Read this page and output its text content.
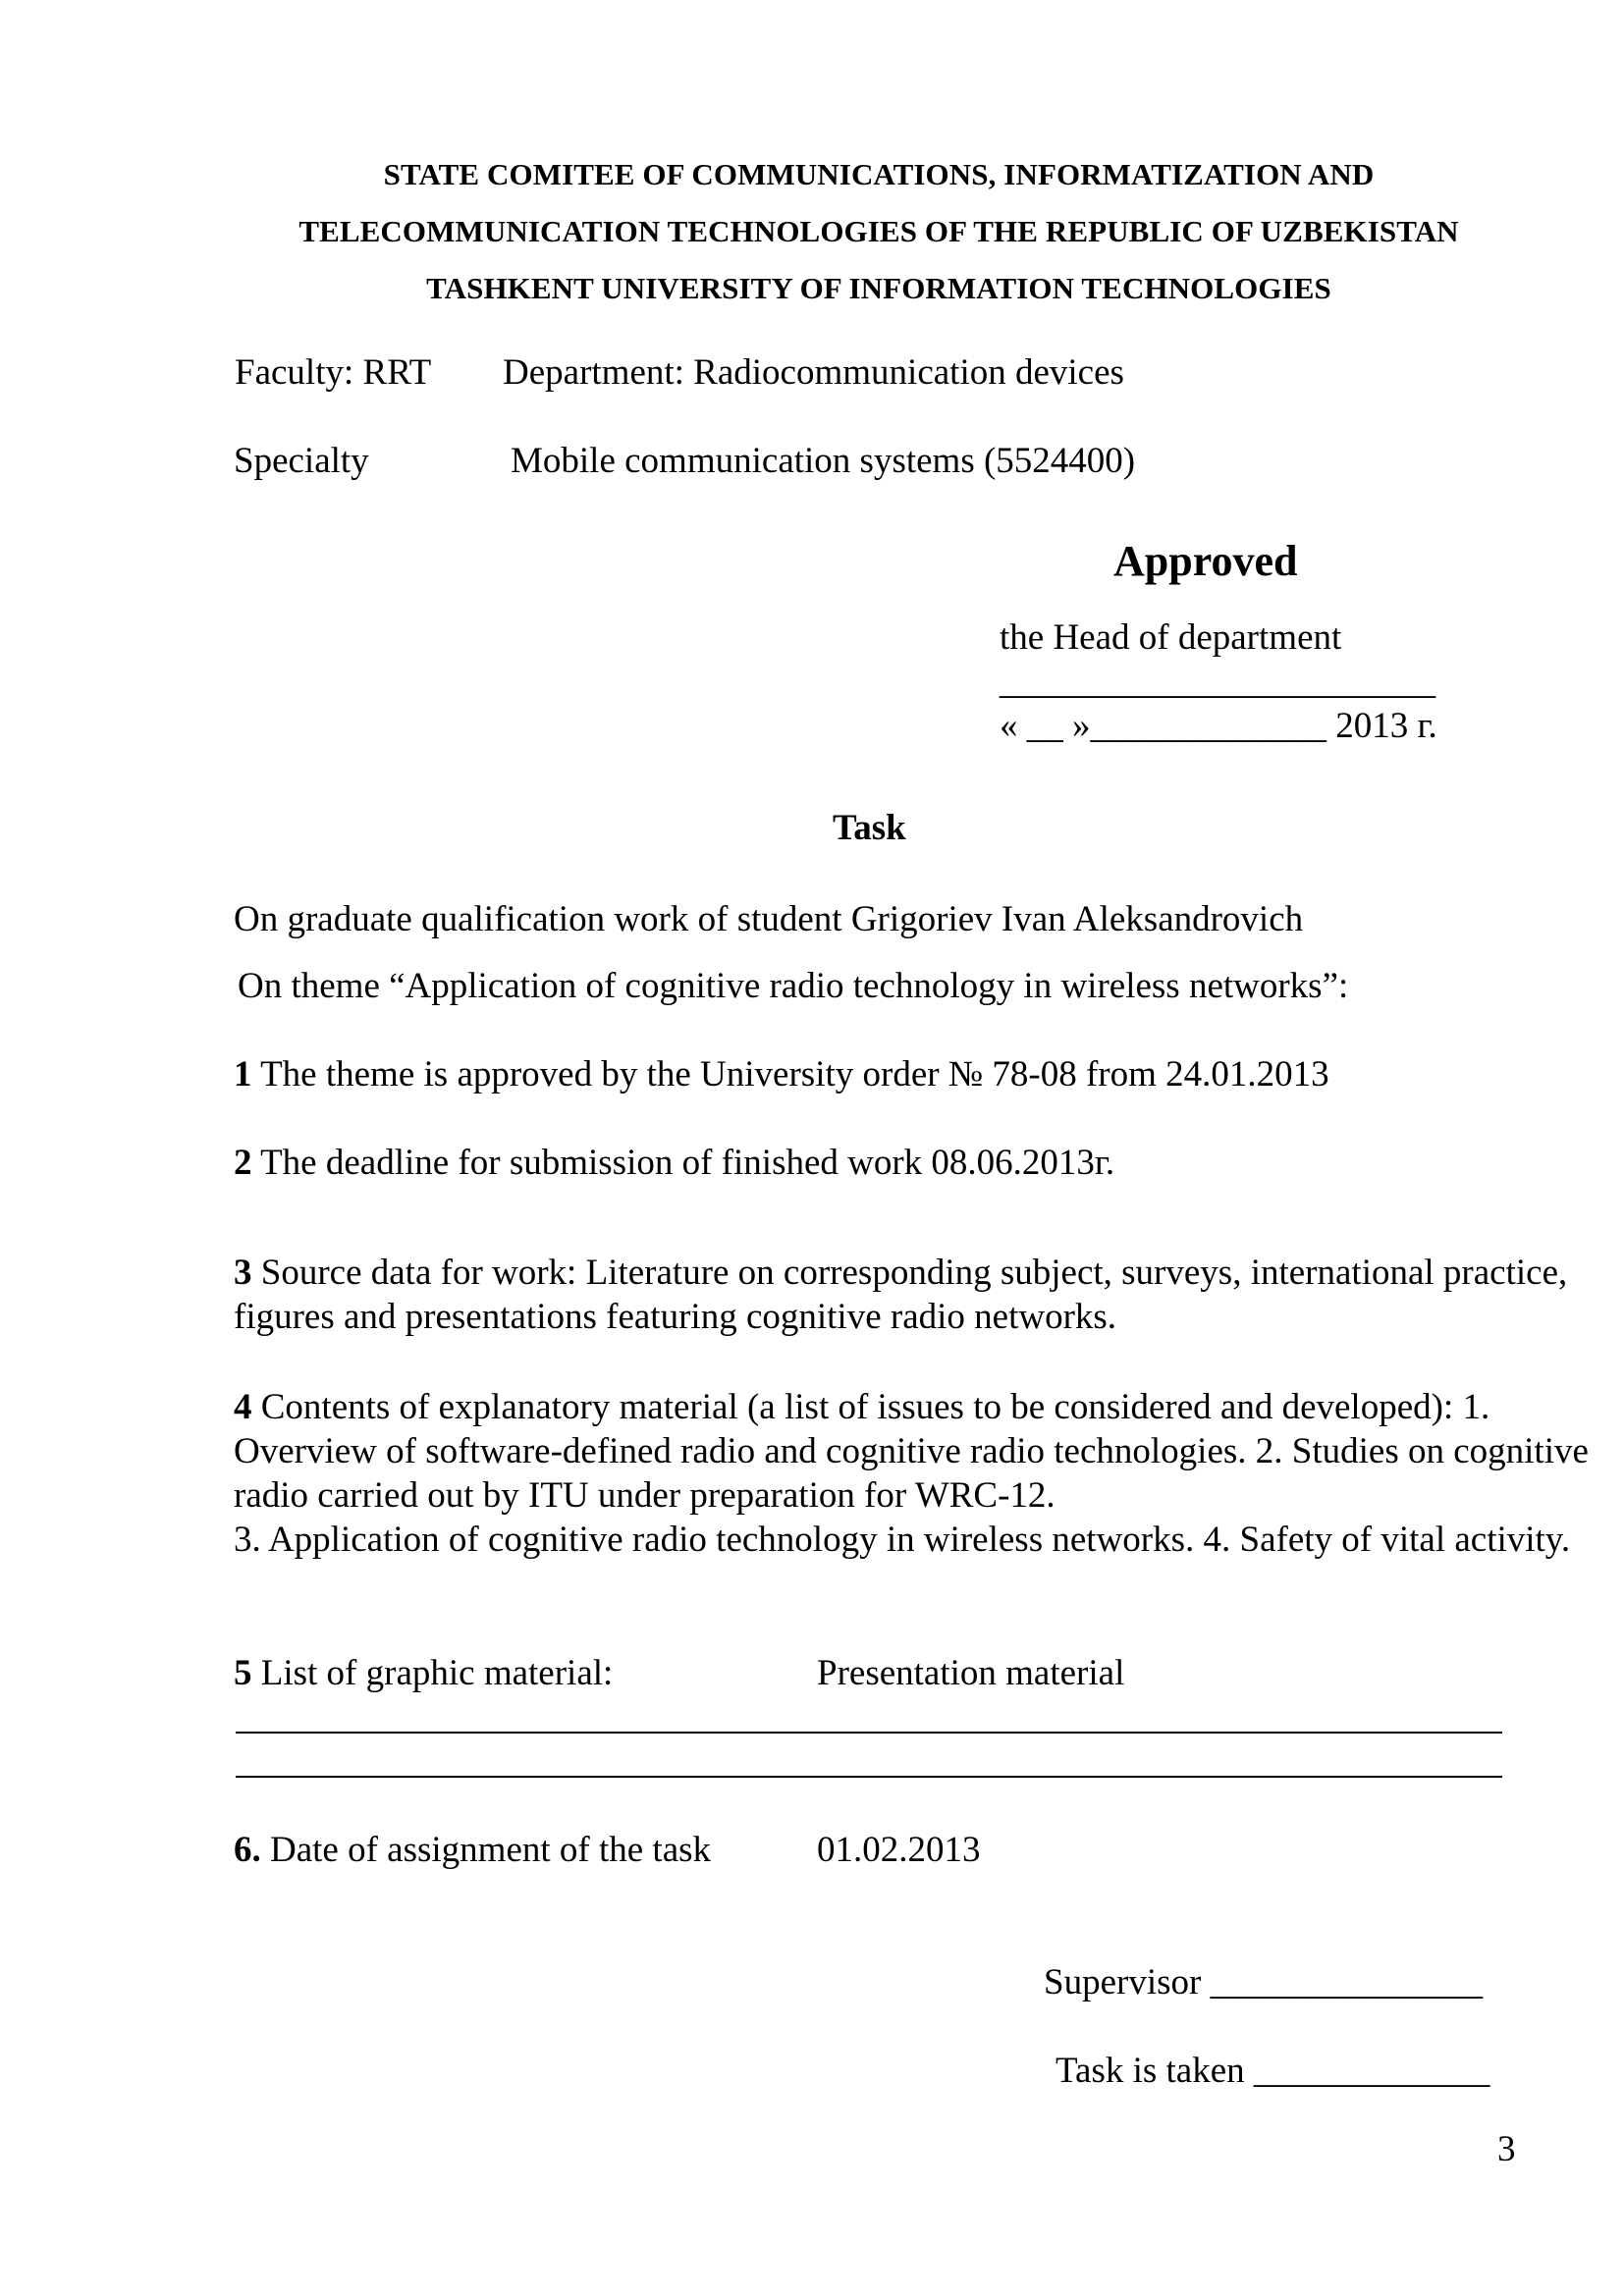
STATE COMITEE OF COMMUNICATIONS, INFORMATIZATION AND
TELECOMMUNICATION TECHNOLOGIES OF THE REPUBLIC OF UZBEKISTAN
TASHKENT UNIVERSITY OF INFORMATION TECHNOLOGIES
Faculty: RRT Department: Radiocommunication devices
Specialty	Mobile communication systems (5524400)
Approved
the Head of department
________________________
« __ »_____________ 2013 г.
Task
On graduate qualification work of student Grigoriev Ivan Aleksandrovich
On theme “Application of cognitive radio technology in wireless networks”:
1 The theme is approved by the University order № 78-08 from 24.01.2013
2 The deadline for submission of finished work 08.06.2013г.
3 Source data for work: Literature on corresponding subject, surveys, international practice, figures and presentations featuring cognitive radio networks.
4 Contents of explanatory material (a list of issues to be considered and developed): 1. Overview of software-defined radio and cognitive radio technologies. 2. Studies on cognitive radio carried out by ITU under preparation for WRC-12.
3. Application of cognitive radio technology in wireless networks. 4. Safety of vital activity.
5 List of graphic material:	Presentation material
6. Date of assignment of the task	01.02.2013
Supervisor _______________
Task is taken _____________
3
